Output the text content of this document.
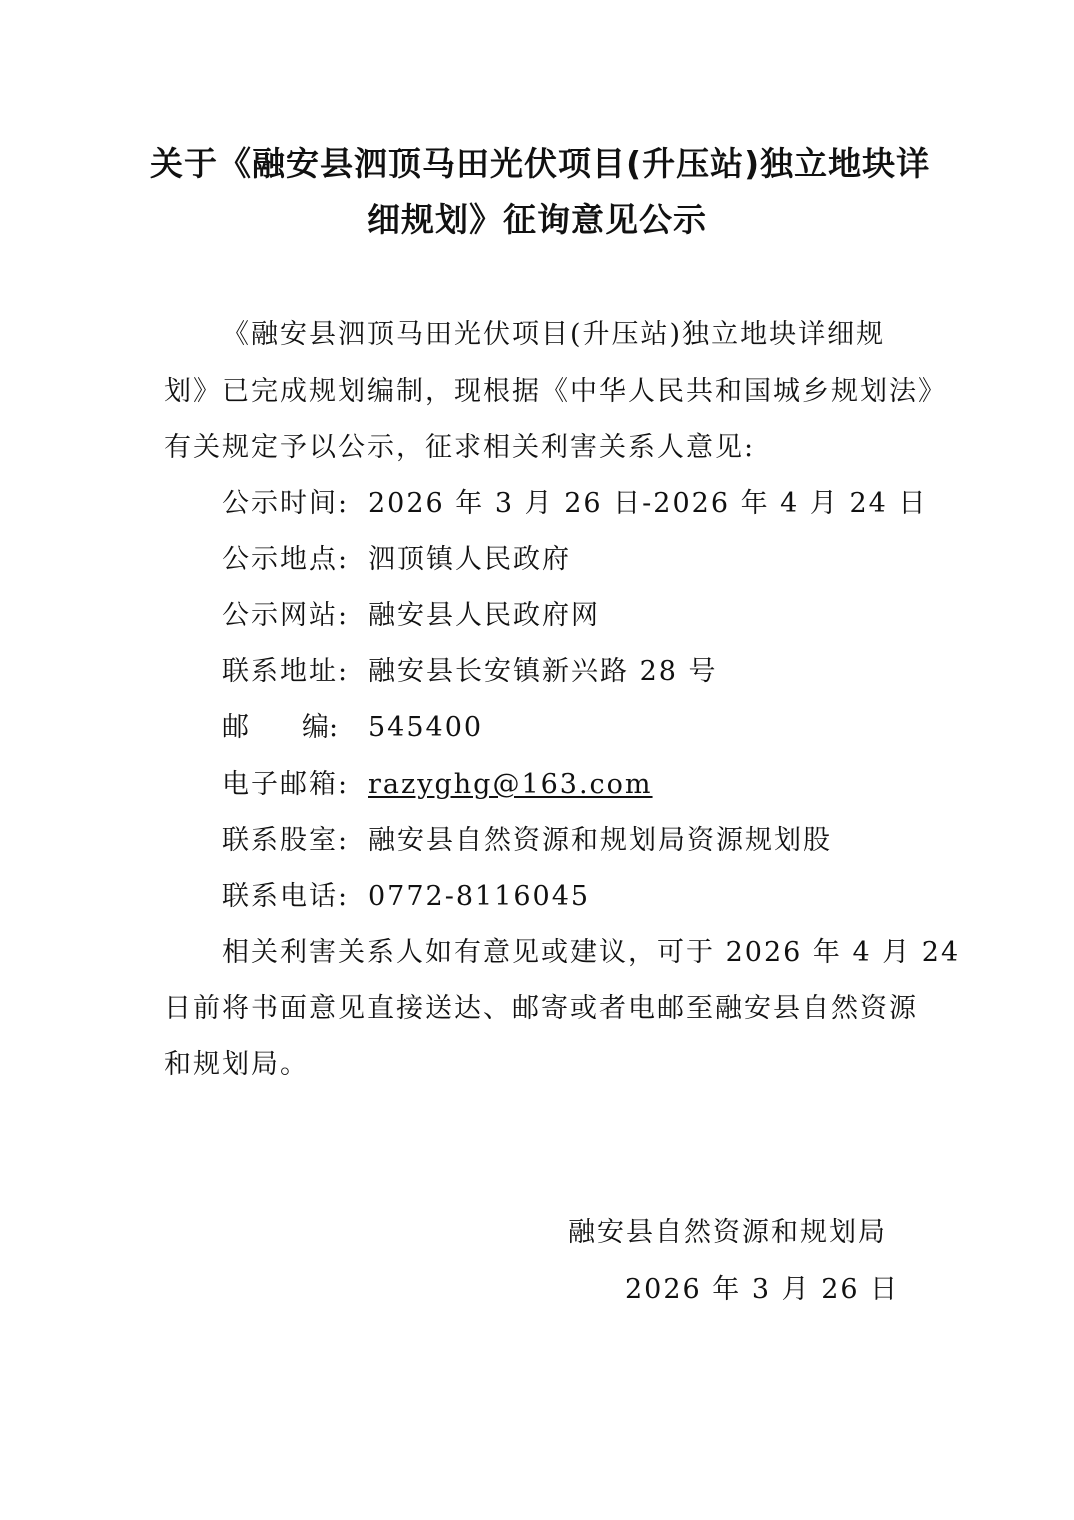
关于《融安县泗顶马田光伏项目(升压站)独立地块详
细规划》征询意见公示
《融安县泗顶马田光伏项目(升压站)独立地块详细规
划》已完成规划编制，现根据《中华人民共和国城乡规划法》
有关规定予以公示，征求相关利害关系人意见:
公示时间: 2026 年 3 月 26 日-2026 年 4 月 24 日
公示地点: 泗顶镇人民政府
公示网站: 融安县人民政府网
联系地址: 融安县长安镇新兴路 28 号
邮 编: 545400
电子邮箱: razyghg@163.com
联系股室: 融安县自然资源和规划局资源规划股
联系电话: 0772-8116045
相关利害关系人如有意见或建议，可于 2026 年 4 月 24
日前将书面意见直接送达、邮寄或者电邮至融安县自然资源
和规划局。
融安县自然资源和规划局
2026 年 3 月 26 日
